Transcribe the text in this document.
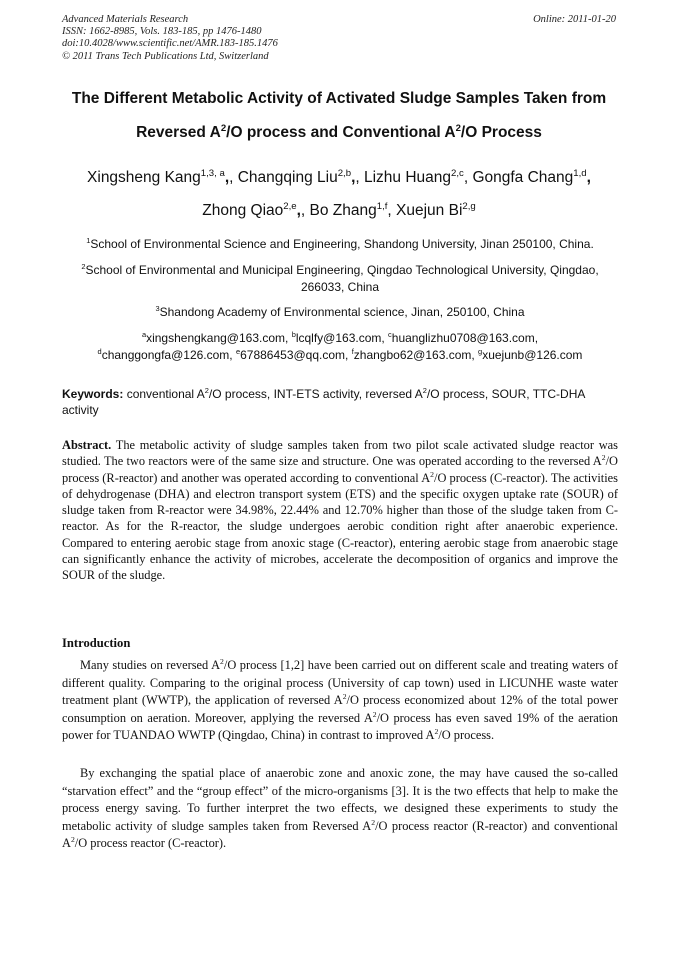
Advanced Materials Research
ISSN: 1662-8985, Vols. 183-185, pp 1476-1480
doi:10.4028/www.scientific.net/AMR.183-185.1476
© 2011 Trans Tech Publications Ltd, Switzerland
Online: 2011-01-20
The Different Metabolic Activity of Activated Sludge Samples Taken from
Reversed $A^2/O$ process and Conventional $A^2/O$ Process
Xingsheng Kang$^{1,3, a}$,, Changqing Liu$^{2,b}$,, Lizhu Huang$^{2,c}$, Gongfa Chang$^{1,d}$,
Zhong Qiao$^{2,e}$,, Bo Zhang$^{1,f}$, Xuejun Bi$^{2,g}$
$^1$School of Environmental Science and Engineering, Shandong University, Jinan 250100, China.
$^2$School of Environmental and Municipal Engineering, Qingdao Technological University, Qingdao, 266033, China
$^3$Shandong Academy of Environmental science, Jinan, 250100, China
$^a$xingshengkang@163.com, $^b$lcqlfy@163.com, $^c$huanglizhu0708@163.com,
$^d$changgongfa@126.com, $^e$67886453@qq.com, $^f$zhangbo62@163.com, $^g$xuejunb@126.com
Keywords: conventional $A^2/O$ process, INT-ETS activity, reversed $A^2/O$ process, SOUR, TTC-DHA activity
Abstract. The metabolic activity of sludge samples taken from two pilot scale activated sludge reactor was studied. The two reactors were of the same size and structure. One was operated according to the reversed $A^2/O$ process (R-reactor) and another was operated according to conventional $A^2/O$ process (C-reactor). The activities of dehydrogenase (DHA) and electron transport system (ETS) and the specific oxygen uptake rate (SOUR) of sludge taken from R-reactor were 34.98%, 22.44% and 12.70% higher than those of the sludge taken from C-reactor. As for the R-reactor, the sludge undergoes aerobic condition right after anaerobic experience. Compared to entering aerobic stage from anoxic stage (C-reactor), entering aerobic stage from anaerobic stage can significantly enhance the activity of microbes, accelerate the decomposition of organics and improve the SOUR of the sludge.
Introduction
Many studies on reversed $A^2/O$ process [1,2] have been carried out on different scale and treating waters of different quality. Comparing to the original process (University of cap town) used in LICUNHE waste water treatment plant (WWTP), the application of reversed $A^2/O$ process economized about 12% of the total power consumption on aeration. Moreover, applying the reversed $A^2/O$ process has even saved 19% of the aeration power for TUANDAO WWTP (Qingdao, China) in contrast to improved $A^2/O$ process.
By exchanging the spatial place of anaerobic zone and anoxic zone, the may have caused the so-called “starvation effect” and the “group effect” of the micro-organisms [3]. It is the two effects that help to make the process energy saving. To further interpret the two effects, we designed these experiments to study the metabolic activity of sludge samples taken from Reversed $A^2/O$ process reactor (R-reactor) and conventional $A^2/O$ process reactor (C-reactor).
